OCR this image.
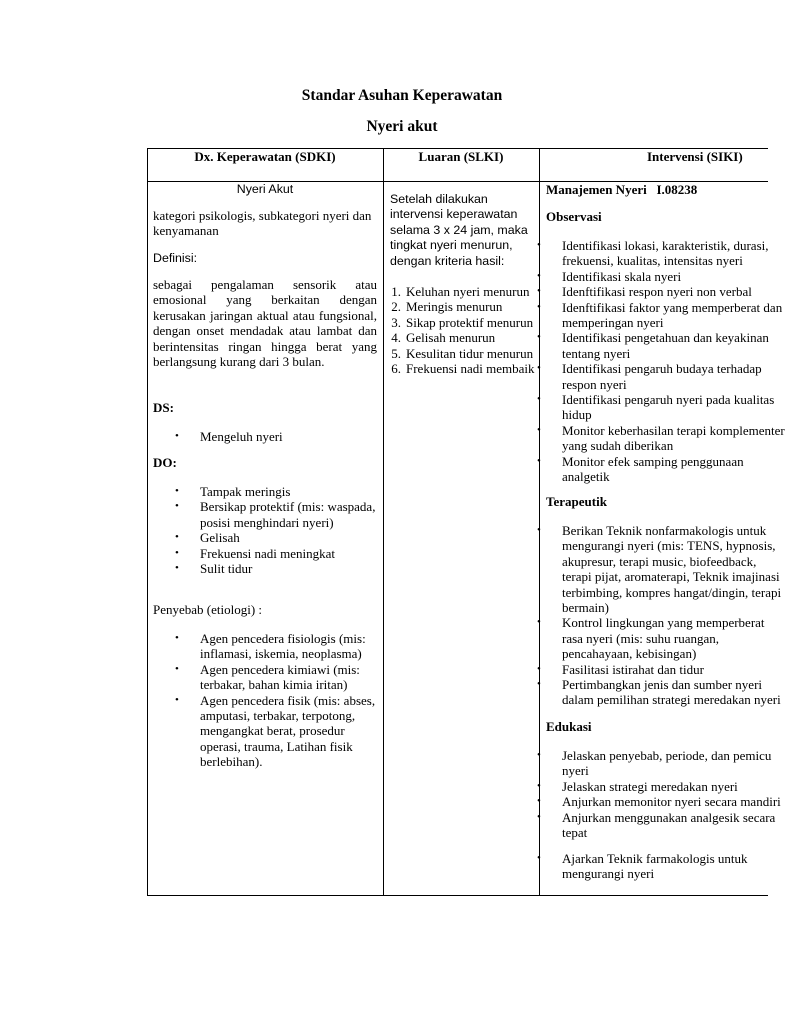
Standar Asuhan Keperawatan
Nyeri akut
Dx. Keperawatan (SDKI)	Luaran (SLKI)	Intervensi (SIKI)
Nyeri Akut
kategori psikologis, subkategori nyeri dan kenyamanan
Definisi:
sebagai pengalaman sensorik atau emosional yang berkaitan dengan kerusakan jaringan aktual atau fungsional, dengan onset mendadak atau lambat dan berintensitas ringan hingga berat yang berlangsung kurang dari 3 bulan.
DS:
• Mengeluh nyeri
DO:
• Tampak meringis
• Bersikap protektif (mis: waspada, posisi menghindari nyeri)
• Gelisah
• Frekuensi nadi meningkat
• Sulit tidur
Penyebab (etiologi) :
• Agen pencedera fisiologis (mis: inflamasi, iskemia, neoplasma)
• Agen pencedera kimiawi (mis: terbakar, bahan kimia iritan)
• Agen pencedera fisik (mis: abses, amputasi, terbakar, terpotong, mengangkat berat, prosedur operasi, trauma, Latihan fisik berlebihan).
Setelah dilakukan intervensi keperawatan selama 3 x 24 jam, maka tingkat nyeri menurun, dengan kriteria hasil:
1. Keluhan nyeri menurun
2. Meringis menurun
3. Sikap protektif menurun
4. Gelisah menurun
5. Kesulitan tidur menurun
6. Frekuensi nadi membaik
Manajemen Nyeri   I.08238
Observasi
• Identifikasi lokasi, karakteristik, durasi,
frekuensi, kualitas, intensitas nyeri
• Identifikasi skala nyeri
• Idenftifikasi respon nyeri non verbal
• Idenftifikasi faktor yang memperberat dan
memperingan nyeri
• Identifikasi pengetahuan dan keyakinan
tentang nyeri
• Identifikasi pengaruh budaya terhadap
respon nyeri
• Identifikasi pengaruh nyeri pada kualitas
hidup
• Monitor keberhasilan terapi komplementer
yang sudah diberikan
• Monitor efek samping penggunaan
analgetik
Terapeutik
• Berikan Teknik nonfarmakologis untuk
mengurangi nyeri (mis: TENS, hypnosis,
akupresur, terapi music, biofeedback,
terapi pijat, aromaterapi, Teknik imajinasi
terbimbing, kompres hangat/dingin, terapi
bermain)
• Kontrol lingkungan yang memperberat
rasa nyeri (mis: suhu ruangan,
pencahayaan, kebisingan)
• Fasilitasi istirahat dan tidur
• Pertimbangkan jenis dan sumber nyeri
dalam pemilihan strategi meredakan nyeri
Edukasi
• Jelaskan penyebab, periode, dan pemicu
nyeri
• Jelaskan strategi meredakan nyeri
• Anjurkan memonitor nyeri secara mandiri
• Anjurkan menggunakan analgesik secara
tepat
• Ajarkan Teknik farmakologis untuk
mengurangi nyeri
